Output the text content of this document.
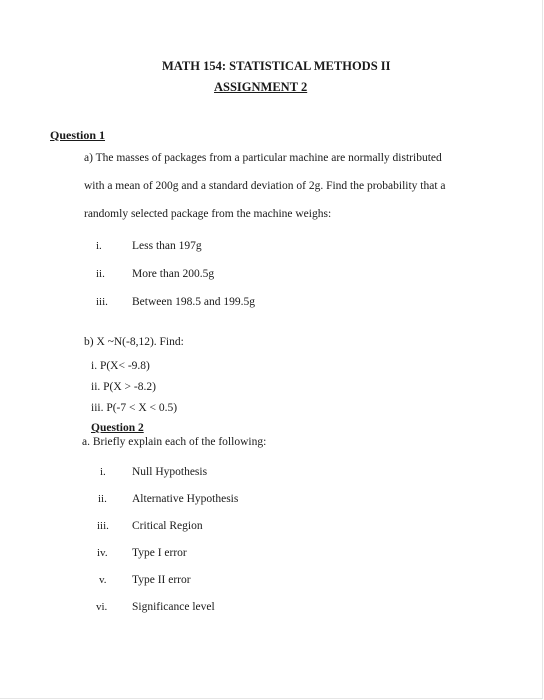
MATH 154: STATISTICAL METHODS II
ASSIGNMENT 2
Question 1
a) The masses of packages from a particular machine are normally distributed
with a mean of 200g and a standard deviation of 2g. Find the probability that a
randomly selected package from the machine weighs:
i.	Less than 197g
ii. More than 200.5g
iii. Between 198.5 and 199.5g
b) X ~N(-8,12). Find:
i. P(X< -9.8)
ii. P(X > -8.2)
iii. P(-7 < X < 0.5)
Question 2
a. Briefly explain each of the following:
i. Null Hypothesis
ii. Alternative Hypothesis
iii. Critical Region
iv. Type I error
v. Type II error
vi. Significance level
